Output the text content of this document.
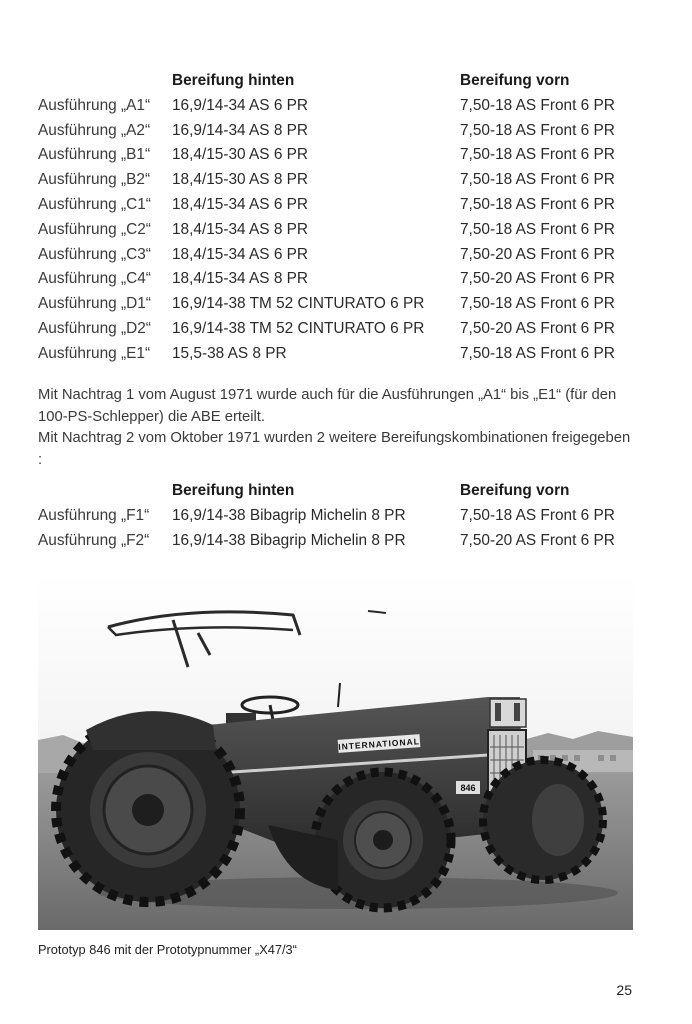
Bereifung hinten	Bereifung vorn
Ausführung „A1“ 16,9/14-34 AS 6 PR	7,50-18 AS Front 6 PR
Ausführung „A2“ 16,9/14-34 AS 8 PR	7,50-18 AS Front 6 PR
Ausführung „B1“ 18,4/15-30 AS 6 PR	7,50-18 AS Front 6 PR
Ausführung „B2“ 18,4/15-30 AS 8 PR	7,50-18 AS Front 6 PR
Ausführung „C1“ 18,4/15-34 AS 6 PR	7,50-18 AS Front 6 PR
Ausführung „C2“ 18,4/15-34 AS 8 PR	7,50-18 AS Front 6 PR
Ausführung „C3“ 18,4/15-34 AS 6 PR	7,50-20 AS Front 6 PR
Ausführung „C4“ 18,4/15-34 AS 8 PR	7,50-20 AS Front 6 PR
Ausführung „D1“ 16,9/14-38 TM 52 CINTURATO 6 PR 7,50-18 AS Front 6 PR
Ausführung „D2“ 16,9/14-38 TM 52 CINTURATO 6 PR 7,50-20 AS Front 6 PR
Ausführung „E1“ 15,5-38 AS 8 PR	7,50-18 AS Front 6 PR
Mit Nachtrag 1 vom August 1971 wurde auch für die Ausführungen „A1“ bis „E1“ (für den 100-PS-Schlepper) die ABE erteilt.
Mit Nachtrag 2 vom Oktober 1971 wurden 2 weitere Bereifungskombinationen freigegeben :
Bereifung hinten	Bereifung vorn
Ausführung „F1“ 16,9/14-38 Bibagrip Michelin 8 PR	7,50-18 AS Front 6 PR
Ausführung „F2“ 16,9/14-38 Bibagrip Michelin 8 PR	7,50-20 AS Front 6 PR
INTERNATIONAL
846
Prototyp 846 mit der Prototypnummer „X47/3“
25
